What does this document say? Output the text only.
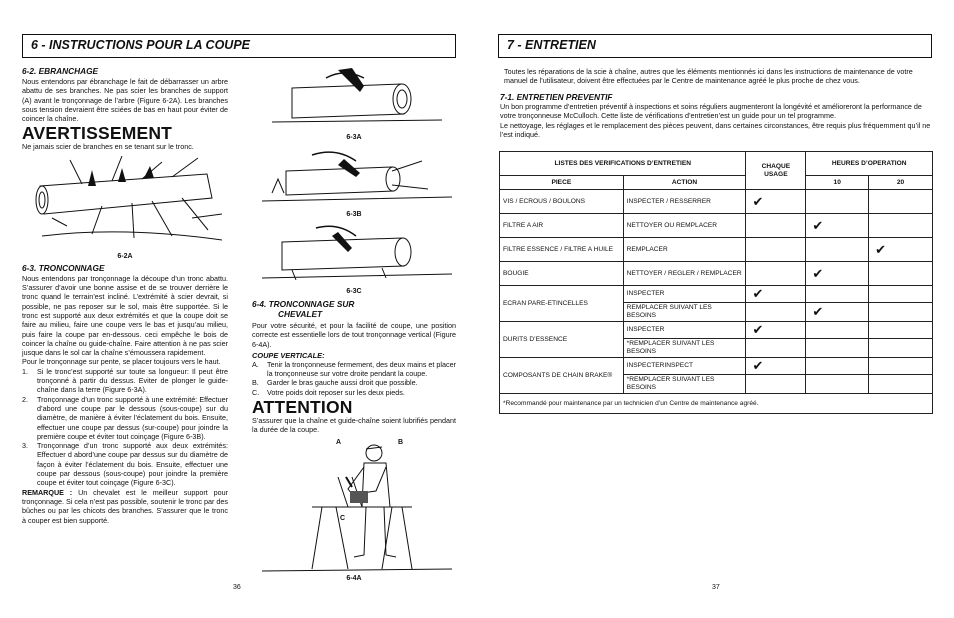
6 - INSTRUCTIONS POUR LA COUPE
6-2. EBRANCHAGE
Nous entendons par ébranchage le fait de débarrasser un arbre abattu de ses branches. Ne pas scier les branches de support (A) avant le tronçonnage de l’arbre (Figure 6-2A). Les branches sous tension devraient être sciées de bas en haut pour éviter de coincer la chaîne.
AVERTISSEMENT
Ne jamais scier de branches en se tenant sur le tronc.
6-2A
6-3. TRONCONNAGE
Nous entendons par tronçonnage la découpe d’un tronc abattu. S’assurer d’avoir une bonne assise et de se trouver derrière le tronc quand le terrain’est incliné. L’extrémité à scier devrait, si possible, ne pas reposer sur le sol, mais être supportée. Si le tronc est supporté aux deux extrémités et que la coupe doit se faire au milieu, faire une coupe vers le bas et jusqu’au milieu, puis faire la coupe par en-dessous. ceci empêche le bois de coincer la chaîne ou guide-chaîne. Faire attention à ne pas scier jusque dans le sol car la chaîne s’émoussera rapidement.
Pour le tronçonnage sur pente, se placer toujours vers le haut.
1.	Si le tronc’est supporté sur toute sa longueur: Il peut être tronçonné à partir du dessus. Eviter de plonger le guide-chaîne dans la terre (Figure 6-3A).
2.	Tronçonnage d’un tronc supporté à une extrémité: Effectuer d’abord une coupe par le dessous (sous-coupe) sur du diamètre, de manière à éviter l’éclatement du bois. Ensuite, effectuer une coupe par dessus (sur-coupe) pour joindre la première coupe et éviter tout coinçage (Figure 6-3B).
3.	Tronçonnage d’un tronc supporté aux deux extrémités: Effectuer d abord’une coupe par dessus sur du diamètre de façon à éviter l’éclatement du bois. Ensuite, effectuer une coupe par dessous (sous-coupe) pour joindre la première coupe et éviter tout coinçage (Figure 6-3C).
REMARQUE : Un chevalet est le meilleur support pour tronçonnage. Si cela n’est pas possible, soutenir le tronc par des bûches ou par les chicots des branches. S’assurer que le tronc à couper est bien supporté.
36
6-3A
6-3B
6-3C
6-4. TRONCONNAGE SUR
CHEVALET
Pour votre sécurité, et pour la facilité de coupe, une position correcte est essentielle lors de tout tronçonnage vertical (Figure 6-4A).
COUPE VERTICALE:
A.	Tenir la tronçonneuse fermement, des deux mains et placer la tronçonneuse sur votre droite pendant la coupe.
B.	Garder le bras gauche aussi droit que possible.
C.	Votre poids doit reposer sur les deux pieds.
ATTENTION
S’assurer que la chaîne et guide-chaîne soient lubrifiés pendant la durée de la coupe.
A	B
C
6-4A
7 - ENTRETIEN
Toutes les réparations de la scie à chaîne, autres que les éléments mentionnés ici dans les instructions de maintenance de votre manuel de l’utilisateur, doivent être effectuées par le Centre de maintenance agréé le plus proche de chez vous.
7-1. ENTRETIEN PREVENTIF
Un bon programme d’entretien préventif à inspections et soins réguliers augmenteront la longévité et amélioreront la performance de votre tronçonneuse McCulloch. Cette liste de vérifications d’entretien’est un guide pour un tel programme.
Le nettoyage, les réglages et le remplacement des pièces peuvent, dans certaines circonstances, être requis plus fréquemment qu’il ne l’est indiqué.
LISTES DES VERIFICATIONS D’ENTRETIEN		CHAQUE USAGE	HEURES D’OPERATION	
PIECE	ACTION		10	20
VIS / ECROUS / BOULONS	INSPECTER / RESSERRER	✔		
FILTRE A AIR	NETTOYER OU REMPLACER		✔	
FILTRE ESSENCE / FILTRE A HUILE	REMPLACER			✔
BOUGIE	NETTOYER / REGLER / REMPLACER		✔	
ECRAN PARE-ETINCELLES	INSPECTER	✔		
	REMPLACER SUIVANT LES BESOINS		✔	
DURITS D’ESSENCE	INSPECTER	✔		
	*REMPLACER SUIVANT LES BESOINS			
COMPOSANTS DE CHAIN BRAKE®	INSPECTERINSPECT	✔		
	*REMPLACER SUIVANT LES BESOINS			
*Recommandé pour maintenance par un technicien d’un Centre de maintenance agréé.				
37
